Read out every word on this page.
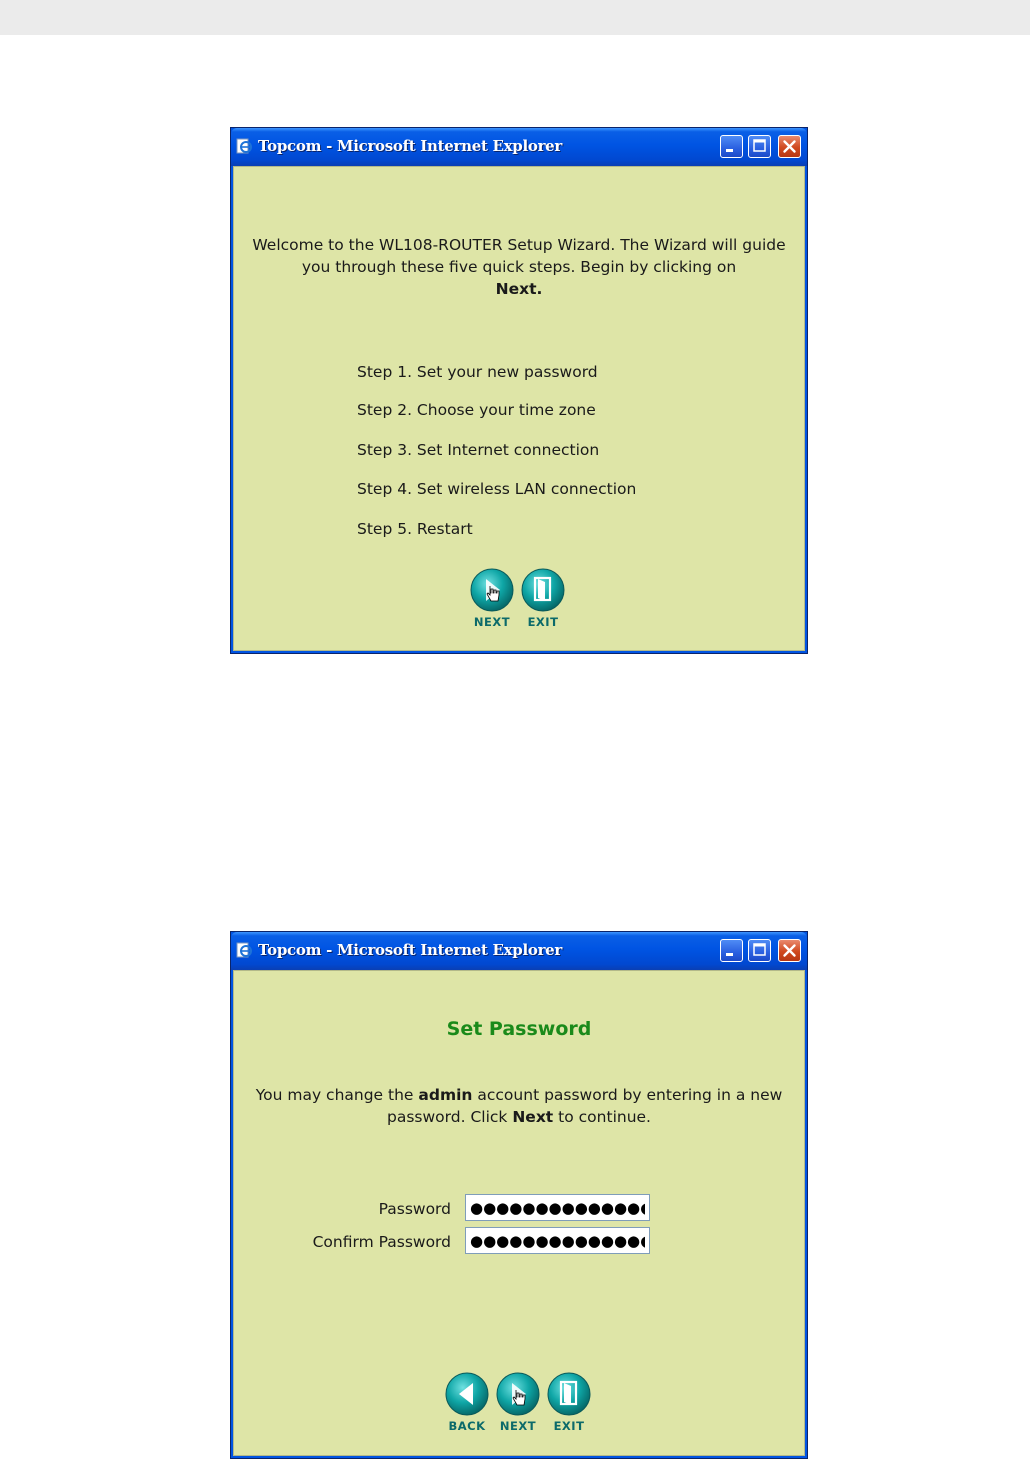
Topcom - Microsoft Internet Explorer
Welcome to the WL108-ROUTER Setup Wizard. The Wizard will guide you through these five quick steps. Begin by clicking on
Next.
Step 1. Set your new password
Step 2. Choose your time zone
Step 3. Set Internet connection
Step 4. Set wireless LAN connection
Step 5. Restart
NEXT	EXIT
Topcom - Microsoft Internet Explorer
Set Password
You may change the admin account password by entering in a new password. Click Next to continue.
Password
●●●●●●●●●●●●●●●●
Confirm Password
●●●●●●●●●●●●●●●●
BACK	NEXT	EXIT
